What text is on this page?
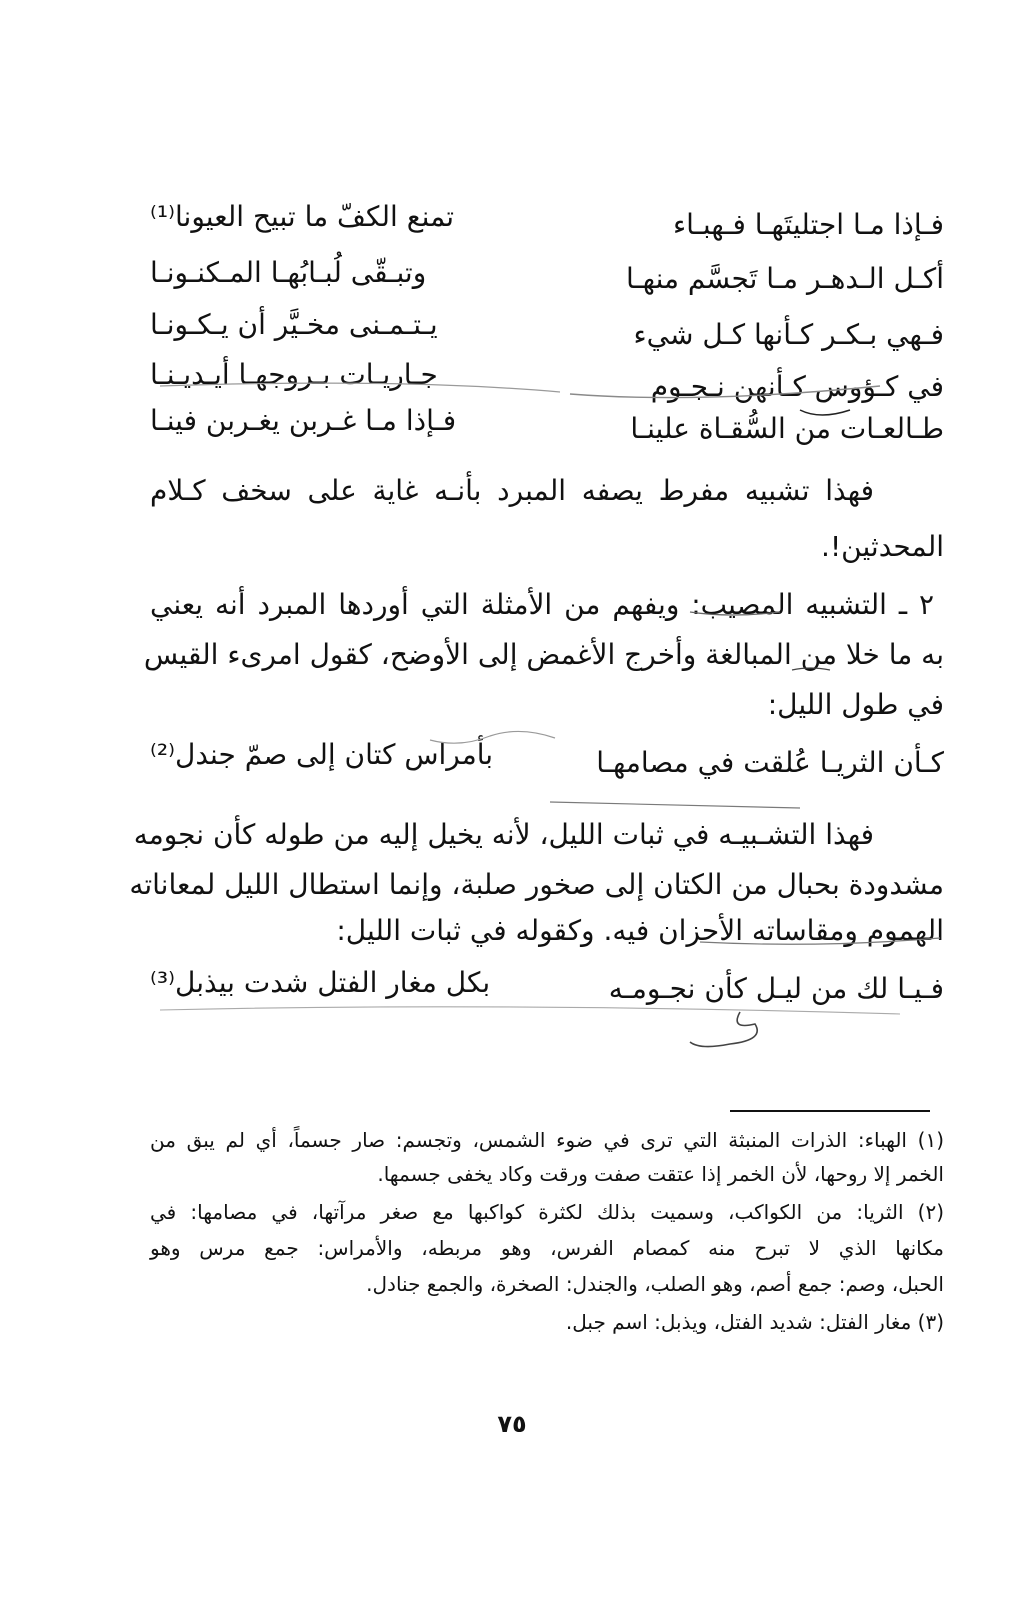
فـإذا مـا اجتليتَهـا فـهبـاء
تمنع الكفّ ما تبيح العيونا⁽¹⁾
أكـل الـدهـر مـا تَجسَّم منهـا
وتبـقّى لُبـابُهـا المـكنـونـا
فـهي بـكـر كـأنها كـل شيء
يـتـمـنى مخـيَّر أن يـكـونـا
في كـؤوس كـأنهن نـجـوم
جـاريـات بـروجهـا أيـديـنـا
طـالعـات من السُّقـاة علينـا
فـإذا مـا غـربن يغـربن فينـا
فهذا تشبيه مفرط يصفه المبرد بأنـه غاية على سخف كـلام
المحدثين!.
٢ ـ التشبيه المصيب: ويفهم من الأمثلة التي أوردها المبرد أنه يعني
به ما خلا من المبالغة وأخرج الأغمض إلى الأوضح، كقول امرىء القيس
في طول الليل:
كـأن الثريـا عُلقت في مصامهـا
بأمراس كتان إلى صمّ جندل⁽²⁾
فهذا التشـبيـه في ثبات الليل، لأنه يخيل إليه من طوله كأن نجومه
مشدودة بحبال من الكتان إلى صخور صلبة، وإنما استطال الليل لمعاناته
الهموم ومقاساته الأحزان فيه. وكقوله في ثبات الليل:
فـيـا لك من ليـل كأن نجـومـه
بكل مغار الفتل شدت بيذبل⁽³⁾
(١) الهباء: الذرات المنبثة التي ترى في ضوء الشمس، وتجسم: صار جسماً، أي لم يبق من
الخمر إلا روحها، لأن الخمر إذا عتقت صفت ورقت وكاد يخفى جسمها.
(٢) الثريا: من الكواكب، وسميت بذلك لكثرة كواكبها مع صغر مرآتها، في مصامها: في
مكانها الذي لا تبرح منه كمصام الفرس، وهو مربطه، والأمراس: جمع مرس وهو
الحبل، وصم: جمع أصم، وهو الصلب، والجندل: الصخرة، والجمع جنادل.
(٣) مغار الفتل: شديد الفتل، ويذبل: اسم جبل.
٧٥
